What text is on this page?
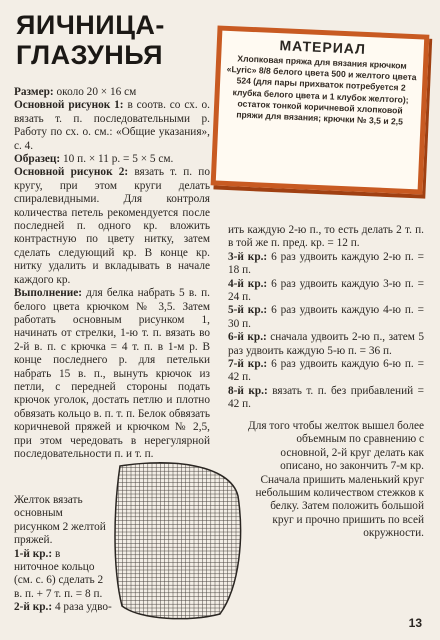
ЯИЧНИЦА-ГЛАЗУНЬЯ	МАТЕРИАЛ
Хлопковая пряжа для вязания крючком «Lyric» 8/8 белого цвета 500 и желтого цвета 524 (для пары прихваток потребуется 2 клубка белого цвета и 1 клубок желтого); остаток тонкой коричневой хлопковой пряжи для вязания; крючки № 3,5 и 2,5

Размер: около 20 × 16 см

Основной рисунок 1: в соотв. со сх. о. вязать т. п. последовательными р. Работу по сх. о. см.: «Общие указания», с. 4.

Образец: 10 п. × 11 р. = 5 × 5 см.

Основной рисунок 2: вязать т. п. по кругу, при этом круги делать спиралевидными. Для контроля количества петель рекомендуется после последней п. одного кр. вложить контрастную по цвету нитку, затем сделать следующий кр. В конце кр. нитку удалить и вкладывать в начале каждого кр.

Выполнение: для белка набрать 5 в. п. белого цвета крючком № 3,5. Затем работать основным рисунком 1, начинать от стрелки, 1-ю т. п. вязать во 2-й в. п. с крючка = 4 т. п. в 1-м р. В конце последнего р. для петельки набрать 15 в. п., вынуть крючок из петли, с передней стороны подать крючок уголок, достать петлю и плотно обвязать кольцо в. п. т. п. Белок обвязать коричневой пряжей и крючком № 2,5, при этом чередовать в нерегулярной последовательности п. и т. п.

Желток вязать основным рисунком 2 желтой пряжей.

1-й кр.: в ниточное кольцо (см. с. 6) сделать 2 в. п. + 7 т. п. = 8 п.

2-й кр.: 4 раза удво-

ить каждую 2-ю п., то есть делать 2 т. п. в той же п. пред. кр. = 12 п.

3-й кр.: 6 раз удвоить каждую 2-ю п. = 18 п.

4-й кр.: 6 раз удвоить каждую 3-ю п. = 24 п.

5-й кр.: 6 раз удвоить каждую 4-ю п. = 30 п.

6-й кр.: сначала удвоить 2-ю п., затем 5 раз удвоить каждую 5-ю п. = 36 п.

7-й кр.: 6 раз удвоить каждую 6-ю п. = 42 п.

8-й кр.: вязать т. п. без прибавлений = 42 п.

Для того чтобы желток вышел более объемным по сравнению с основной, 2-й круг делать как описано, но закончить 7-м кр. Сначала пришить маленький круг небольшим количеством стежков к белку. Затем положить большой круг и прочно пришить по всей окружности.

13
